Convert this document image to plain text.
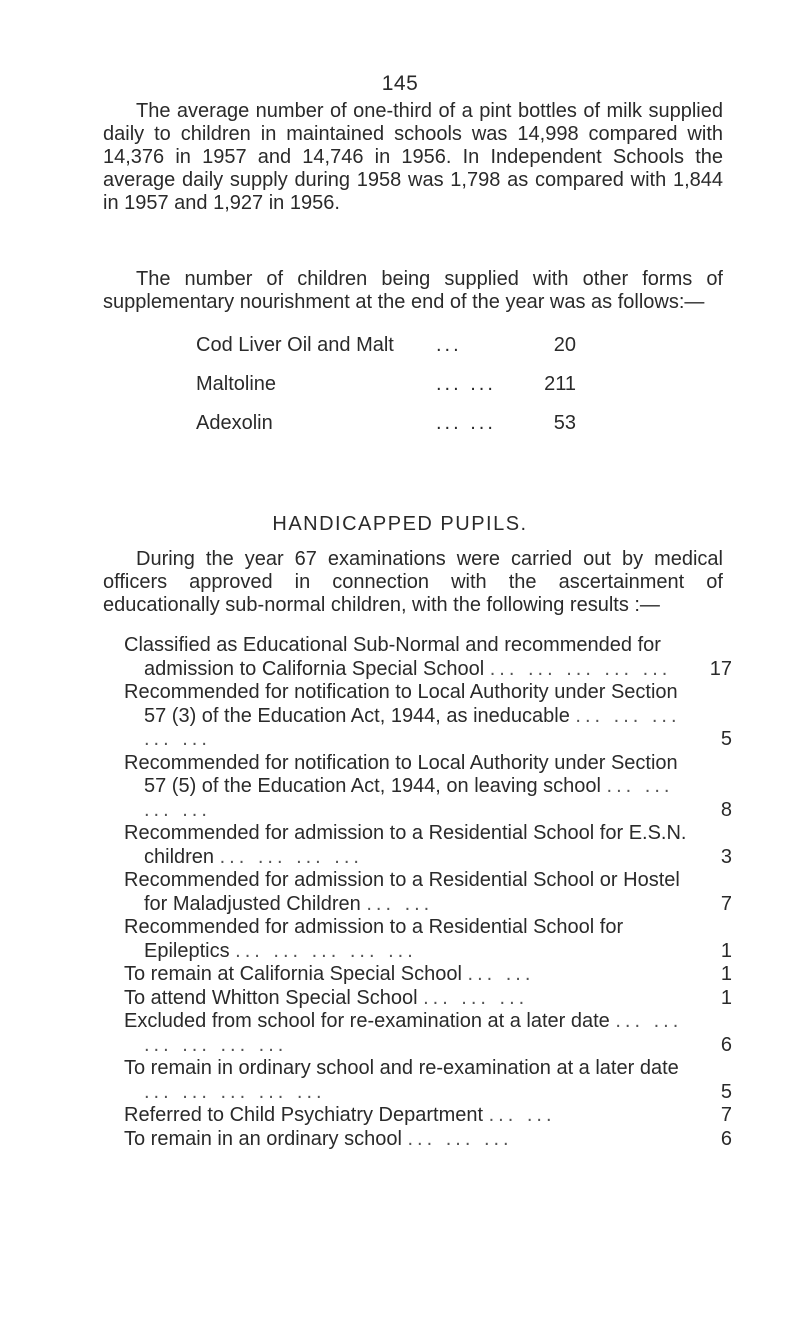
145

The average number of one-third of a pint bottles of milk supplied daily to children in maintained schools was 14,998 compared with 14,376 in 1957 and 14,746 in 1956. In Independent Schools the average daily supply during 1958 was 1,798 as compared with 1,844 in 1957 and 1,927 in 1956.

The number of children being supplied with other forms of supplementary nourishment at the end of the year was as follows:—

Cod Liver Oil and Malt ...	20
Maltoline	... ...	211
Adexolin	... ...	53
HANDICAPPED PUPILS.

During the year 67 examinations were carried out by medical officers approved in connection with the ascertainment of educationally sub-normal children, with the following results :—

Classified as Educational Sub-Normal and recommended for admission to California Special School ... ... ... ... ...	17
Recommended for notification to Local Authority under Section 57 (3) of the Education Act, 1944, as ineducable ... ... ... ... ...	5
Recommended for notification to Local Authority under Section 57 (5) of the Education Act, 1944, on leaving school ... ... ... ...	8
Recommended for admission to a Residential School for E.S.N. children ... ... ... ...	3
Recommended for admission to a Residential School or Hostel for Maladjusted Children ... ...	7
Recommended for admission to a Residential School for Epileptics ... ... ... ... ...	1
To remain at California Special School ... ...	1
To attend Whitton Special School ... ... ...	1
Excluded from school for re-examination at a later date ... ... ... ... ... ...	6
To remain in ordinary school and re-examination at a later date ... ... ... ... ...	5
Referred to Child Psychiatry Department ... ...	7
To remain in an ordinary school ... ... ...	6
